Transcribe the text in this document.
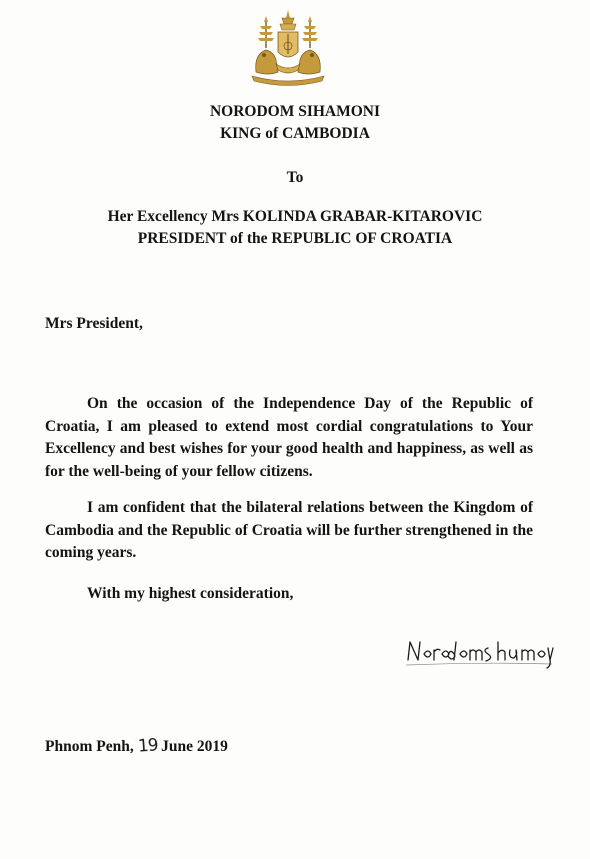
NORODOM SIHAMONI
KING of CAMBODIA
To
Her Excellency Mrs KOLINDA GRABAR-KITAROVIC
PRESIDENT of the REPUBLIC OF CROATIA
Mrs President,
On the occasion of the Independence Day of the Republic of Croatia, I am pleased to extend most cordial congratulations to Your Excellency and best wishes for your good health and happiness, as well as for the well-being of your fellow citizens.
I am confident that the bilateral relations between the Kingdom of Cambodia and the Republic of Croatia will be further strengthened in the coming years.
With my highest consideration,
Phnom Penh, 19 June 2019
